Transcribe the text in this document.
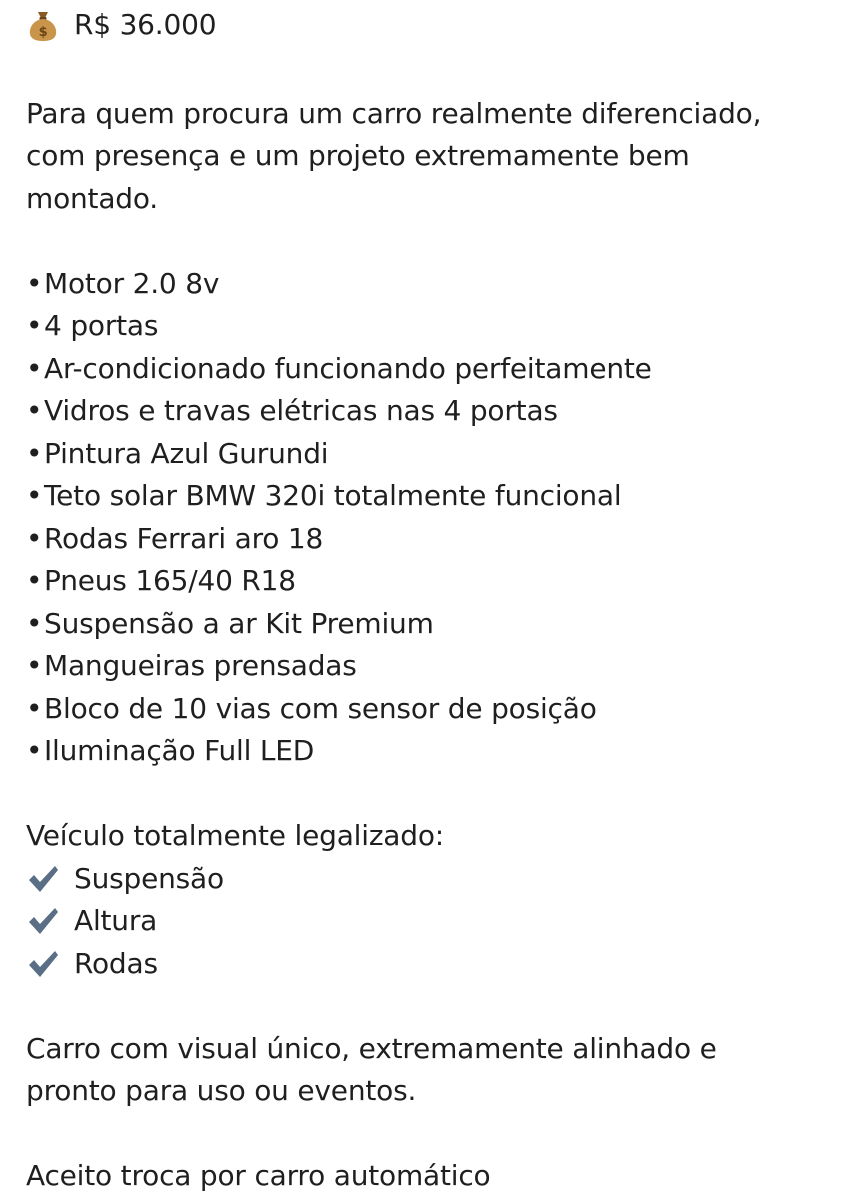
$ R$ 36.000
Para quem procura um carro realmente diferenciado,
com presença e um projeto extremamente bem
montado.
• Motor 2.0 8v
• 4 portas
• Ar-condicionado funcionando perfeitamente
• Vidros e travas elétricas nas 4 portas
• Pintura Azul Gurundi
• Teto solar BMW 320i totalmente funcional
• Rodas Ferrari aro 18
• Pneus 165/40 R18
• Suspensão a ar Kit Premium
• Mangueiras prensadas
• Bloco de 10 vias com sensor de posição
• Iluminação Full LED
Veículo totalmente legalizado:
Suspensão
Altura
Rodas
Carro com visual único, extremamente alinhado e
pronto para uso ou eventos.
Aceito troca por carro automático
